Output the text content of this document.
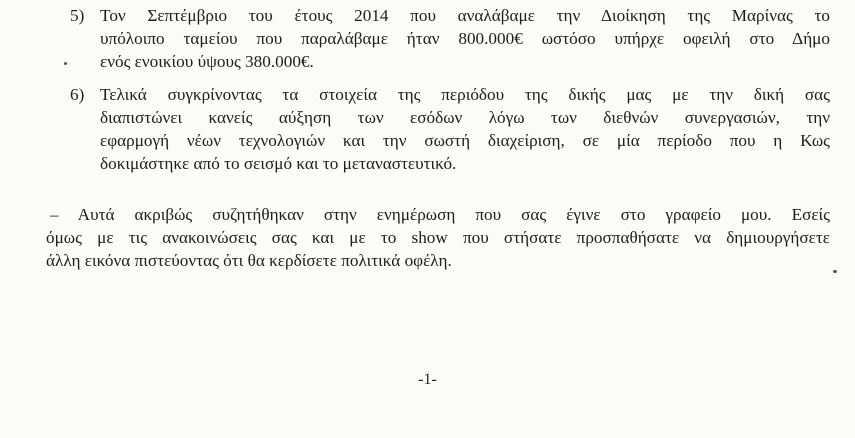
5) Τον Σεπτέμβριο του έτους 2014 που αναλάβαμε την Διοίκηση της Μαρίνας το
υπόλοιπο ταμείου που παραλάβαμε ήταν 800.000€ ωστόσο υπήρχε οφειλή στο Δήμο
ενός ενοικίου ύψους 380.000€.
6) Τελικά συγκρίνοντας τα στοιχεία της περιόδου της δικής μας με την δική σας
διαπιστώνει κανείς αύξηση των εσόδων λόγω των διεθνών συνεργασιών, την
εφαρμογή νέων τεχνολογιών και την σωστή διαχείριση, σε μία περίοδο που η Κως
δοκιμάστηκε από το σεισμό και το μεταναστευτικό.
– Αυτά ακριβώς συζητήθηκαν στην ενημέρωση που σας έγινε στο γραφείο μου. Εσείς
όμως με τις ανακοινώσεις σας και με το show που στήσατε προσπαθήσατε να δημιουργήσετε
άλλη εικόνα πιστεύοντας ότι θα κερδίσετε πολιτικά οφέλη.
-1-
